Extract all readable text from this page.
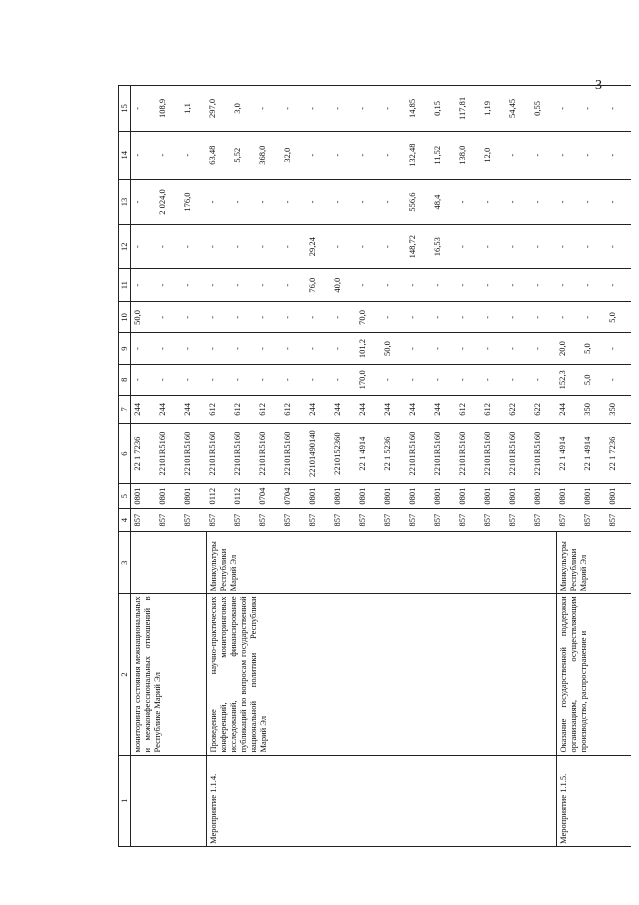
3
1	2	3	4	5	6	7	8	9	10	11	12	13	14	15
	мониторинга состояния межнациональных и межконфессиональных отношений в Республике Марий Эл		857	0801	22 1 7236	244	-	-	50,0	-	-	-	-	-
			857	0801	22101R5160	244	-	-	-	-	-	2 024,0	-	108,9
			857	0801	22101R5160	244	-	-	-	-	-	176,0	-	1,1
Мероприятие 1.1.4.	Проведение научно-практических конференций, мониторинговых исследований, финансирование публикаций по вопросам государственной национальной политики Республики Марий Эл	Минкультуры Республики Марий Эл	857	0112	22101R5160	612	-	-	-	-	-	-	63,48	297,0
			857	0112	22101R5160	612	-	-	-	-	-	-	5,52	3,0
			857	0704	22101R5160	612	-	-	-	-	-	-	368,0	-
			857	0704	22101R5160	612	-	-	-	-	-	-	32,0	-
			857	0801	22101490140	244	-	-	-	76,0	29,24	-	-	-
			857	0801	2210152360	244	-	-	-	40,0	-	-	-	-
			857	0801	22 1 4914	244	170,0	101,2	70,0	-	-	-	-	-
			857	0801	22 1 5236	244	-	50,0	-	-	-	-	-	-
			857	0801	22101R5160	244	-	-	-	-	148,72	556,6	132,48	14,85
			857	0801	22101R5160	244	-	-	-	-	16,53	48,4	11,52	0,15
			857	0801	22101R5160	612	-	-	-	-	-	-	138,0	117,81
			857	0801	22101R5160	612	-	-	-	-	-	-	12,0	1,19
			857	0801	22101R5160	622	-	-	-	-	-	-	-	54,45
			857	0801	22101R5160	622	-	-	-	-	-	-	-	0,55
Мероприятие 1.1.5.	Оказание государственной поддержки организациям, осуществляющим производство, распространение и	Минкультуры Республики Марий Эл	857	0801	22 1 4914	244	152,3	20,0	-	-	-	-	-	-
			857	0801	22 1 4914	350	5,0	5,0	-	-	-	-	-	-
			857	0801	22 1 7236	350	-	-	5,0	-	-	-	-	-
